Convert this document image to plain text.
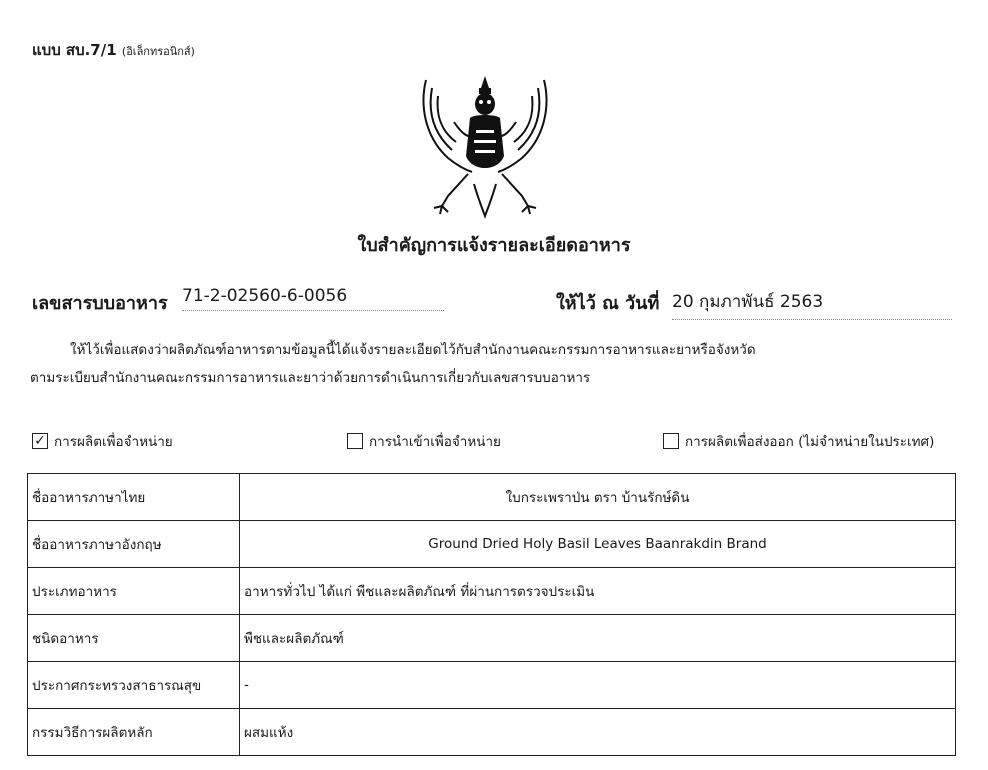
แบบ สบ.7/1 (อิเล็กทรอนิกส์)
ใบสำคัญการแจ้งรายละเอียดอาหาร
เลขสารบบอาหาร 71-2-02560-6-0056	ให้ไว้ ณ วันที่ 20 กุมภาพันธ์ 2563
ให้ไว้เพื่อแสดงว่าผลิตภัณฑ์อาหารตามข้อมูลนี้ได้แจ้งรายละเอียดไว้กับสำนักงานคณะกรรมการอาหารและยาหรือจังหวัด
ตามระเบียบสำนักงานคณะกรรมการอาหารและยาว่าด้วยการดำเนินการเกี่ยวกับเลขสารบบอาหาร
✓ การผลิตเพื่อจำหน่าย	การนำเข้าเพื่อจำหน่าย	การผลิตเพื่อส่งออก (ไม่จำหน่ายในประเทศ)
ชื่ออาหารภาษาไทย	ใบกระเพราป่น ตรา บ้านรักษ์ดิน
ชื่ออาหารภาษาอังกฤษ	Ground Dried Holy Basil Leaves Baanrakdin Brand
ประเภทอาหาร	อาหารทั่วไป ได้แก่ พืชและผลิตภัณฑ์ ที่ผ่านการตรวจประเมิน
ชนิดอาหาร	พืชและผลิตภัณฑ์
ประกาศกระทรวงสาธารณสุข	-
กรรมวิธีการผลิตหลัก	ผสมแห้ง
